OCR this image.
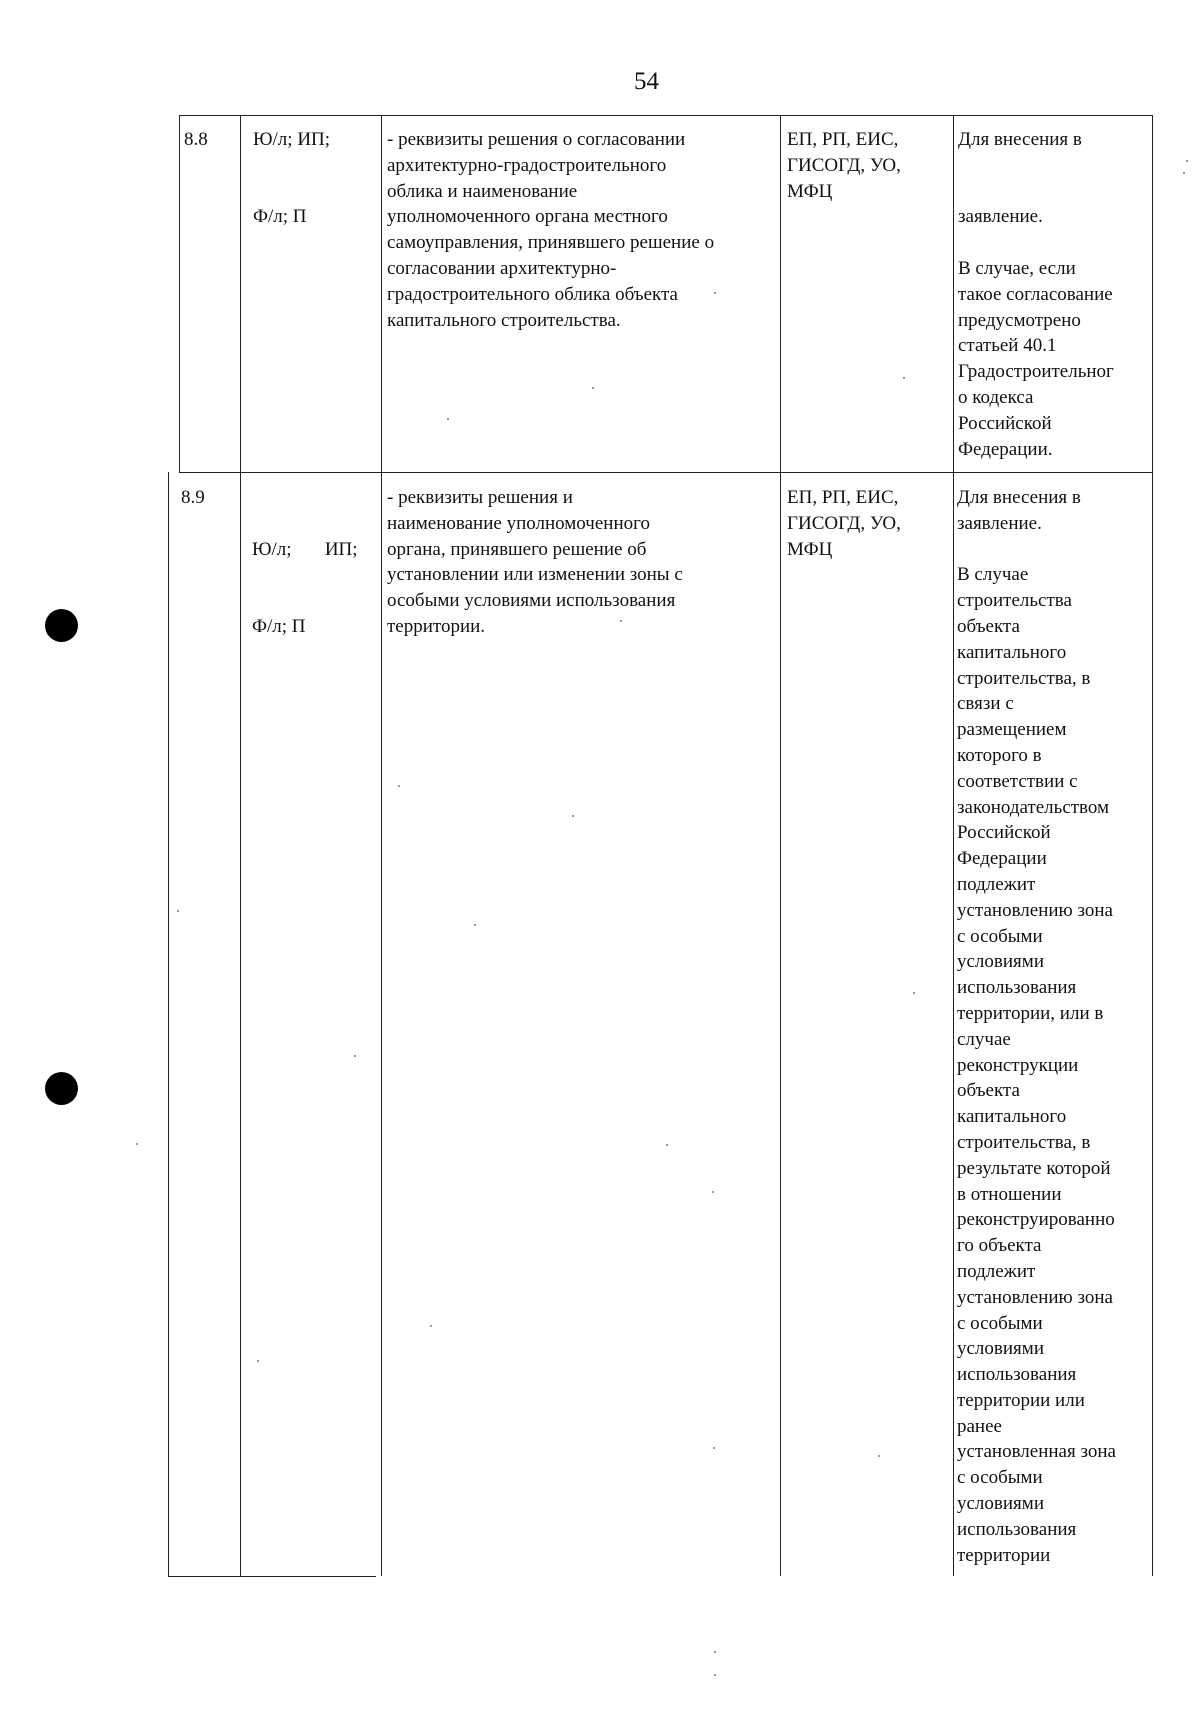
54
8.8 Ю/л; ИП;

Ф/л; П
- реквизиты решения о согласовании
архитектурно-градостроительного
облика и наименование
уполномоченного органа местного
самоуправления, принявшего решение о
согласовании архитектурно-
градостроительного облика объекта
капитального строительства.
ЕП, РП, ЕИС,
ГИСОГД, УО,
МФЦ
Для внесения в

заявление.

В случае, если
такое согласование
предусмотрено
статьей 40.1
Градостроительног
о кодекса
Российской
Федерации.
8.9

Ю/л;       ИП;

Ф/л; П

- реквизиты решения и
наименование уполномоченного
органа, принявшего решение об
установлении или изменении зоны с
особыми условиями использования
территории.
ЕП, РП, ЕИС,
ГИСОГД, УО,
МФЦ
Для внесения в
заявление.

В случае
строительства
объекта
капитального
строительства, в
связи с
размещением
которого в
соответствии с
законодательством
Российской
Федерации
подлежит
установлению зона
с особыми
условиями
использования
территории, или в
случае
реконструкции
объекта
капитального
строительства, в
результате которой
в отношении
реконструированно
го объекта
подлежит
установлению зона
с особыми
условиями
использования
территории или
ранее
установленная зона
с особыми
условиями
использования
территории
